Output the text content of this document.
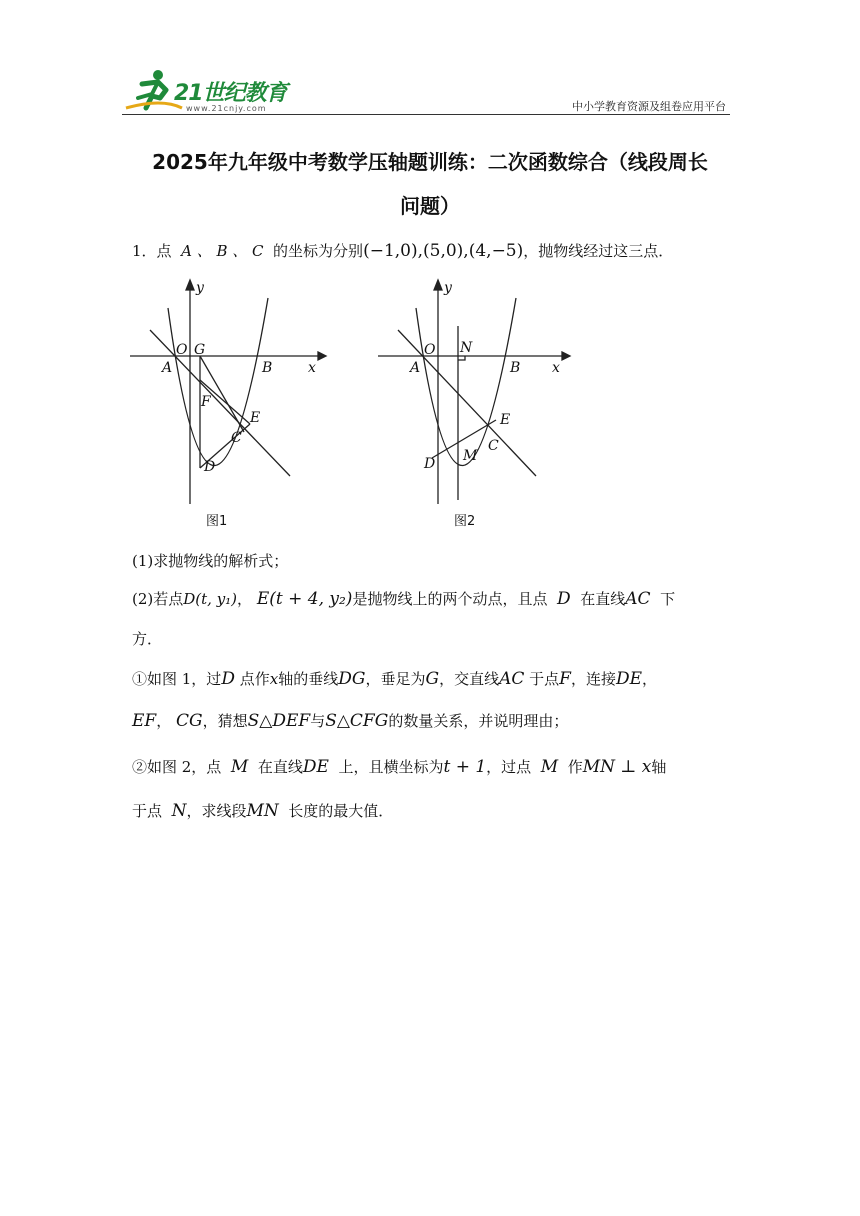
21世纪教育
www.21cnjy.com	中小学教育资源及组卷应用平台
2025年九年级中考数学压轴题训练：二次函数综合（线段周长
问题）
1．点 A 、 B 、 C 的坐标为分别(−1,0),(5,0),(4,−5)，抛物线经过这三点．
y
x
O G
A	B
F
E
C
D
图1
y
x
O N
A	B
E
C
D M
图2
(1)求抛物线的解析式；
(2)若点D(t, y₁)， E(t + 4, y₂)是抛物线上的两个动点，且点 D 在直线AC 下
方．
①如图 1，过D 点作x轴的垂线DG，垂足为G，交直线AC 于点F，连接DE，
EF， CG，猜想S△DEF与S△CFG的数量关系，并说明理由；
②如图 2，点 M 在直线DE 上，且横坐标为t + 1，过点 M 作MN ⊥ x轴
于点 N，求线段MN 长度的最大值．
